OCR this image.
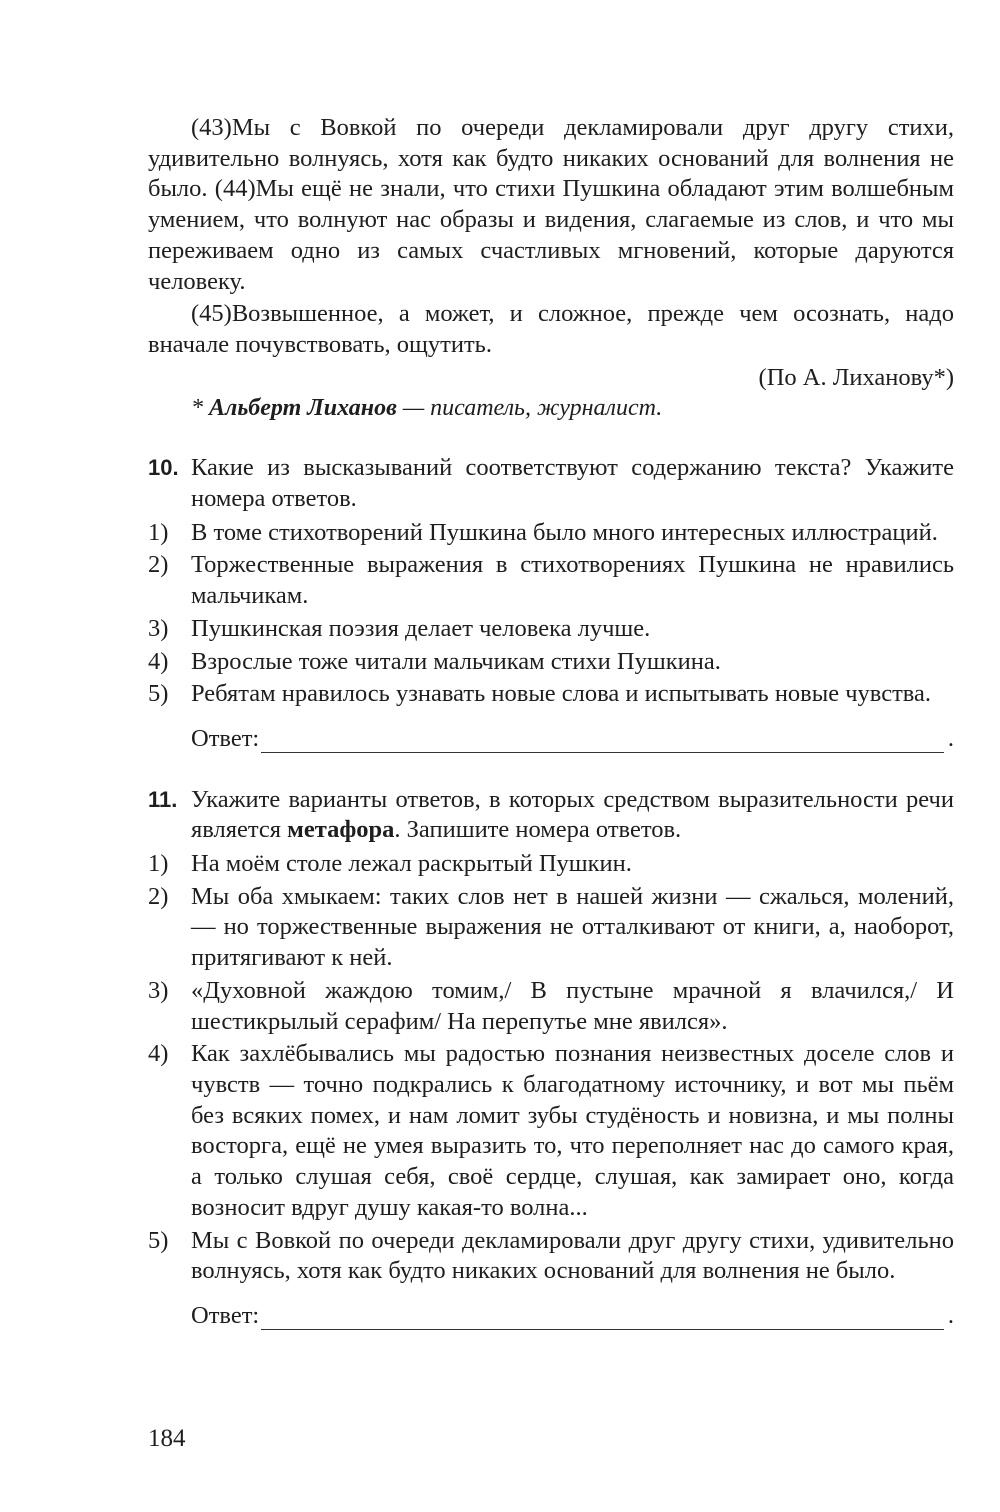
(43)Мы с Вовкой по очереди декламировали друг другу стихи, удивительно волнуясь, хотя как будто никаких оснований для волнения не было. (44)Мы ещё не знали, что стихи Пушкина обладают этим волшебным умением, что волнуют нас образы и видения, слагаемые из слов, и что мы переживаем одно из самых счастливых мгновений, которые даруются человеку.

(45)Возвышенное, а может, и сложное, прежде чем осознать, надо вначале почувствовать, ощутить.

(По А. Лиханову*)
* Альберт Лиханов — писатель, журналист.
10. Какие из высказываний соответствуют содержанию текста? Укажите номера ответов.
1) В томе стихотворений Пушкина было много интересных иллюстраций.
2) Торжественные выражения в стихотворениях Пушкина не нравились мальчикам.
3) Пушкинская поэзия делает человека лучше.
4) Взрослые тоже читали мальчикам стихи Пушкина.
5) Ребятам нравилось узнавать новые слова и испытывать новые чувства.
Ответ:	.
11. Укажите варианты ответов, в которых средством выразительности речи является метафора. Запишите номера ответов.
1) На моём столе лежал раскрытый Пушкин.
2) Мы оба хмыкаем: таких слов нет в нашей жизни — сжалься, молений, — но торжественные выражения не отталкивают от книги, а, наоборот, притягивают к ней.
3) «Духовной жаждою томим,/ В пустыне мрачной я влачился,/ И шестикрылый серафим/ На перепутье мне явился».
4) Как захлёбывались мы радостью познания неизвестных доселе слов и чувств — точно подкрались к благодатному источнику, и вот мы пьём без всяких помех, и нам ломит зубы студёность и новизна, и мы полны восторга, ещё не умея выразить то, что переполняет нас до самого края, а только слушая себя, своё сердце, слушая, как замирает оно, когда возносит вдруг душу какая-то волна...
5) Мы с Вовкой по очереди декламировали друг другу стихи, удивительно волнуясь, хотя как будто никаких оснований для волнения не было.
Ответ:	.
184
